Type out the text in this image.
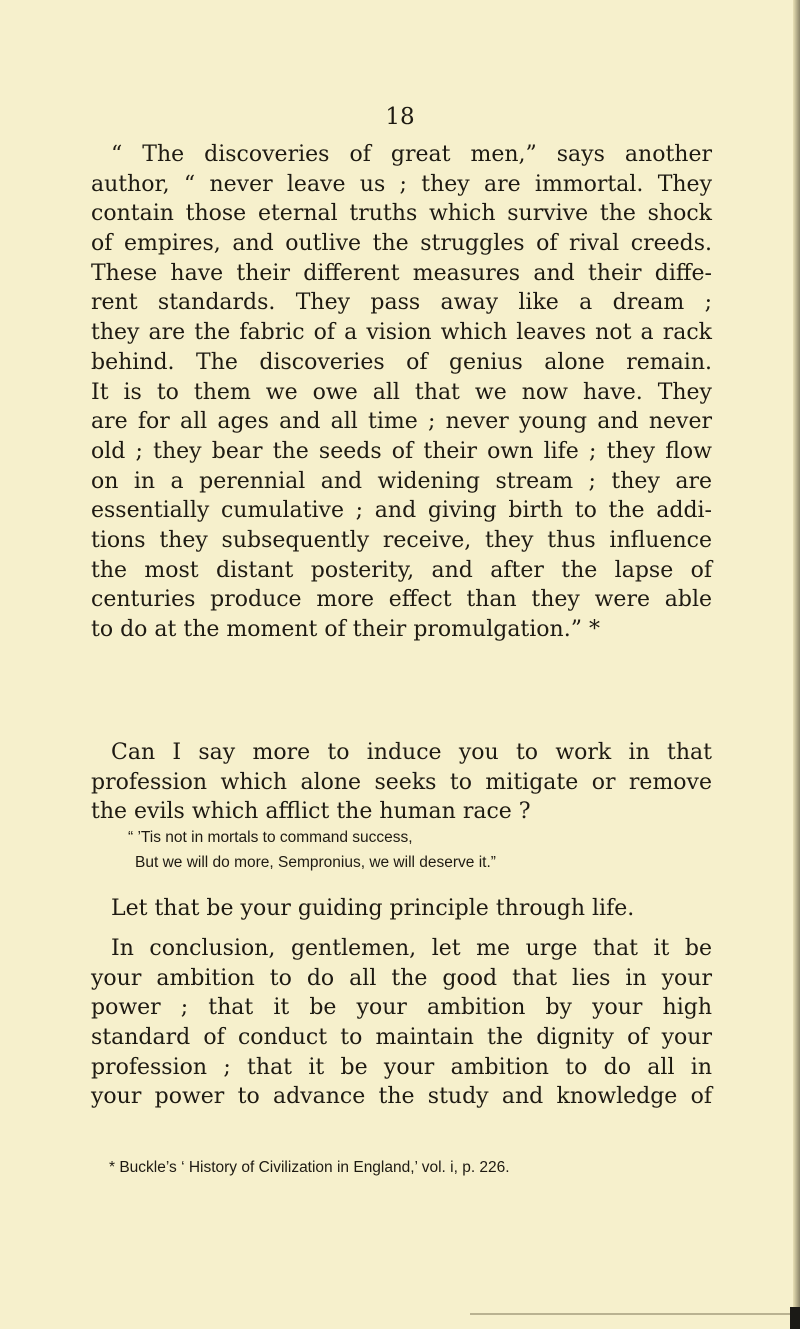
18
“ The discoveries of great men,” says another
author, “ never leave us ; they are immortal. They
contain those eternal truths which survive the shock
of empires, and outlive the struggles of rival creeds.
These have their different measures and their diffe-
rent standards. They pass away like a dream ;
they are the fabric of a vision which leaves not a rack
behind. The discoveries of genius alone remain.
It is to them we owe all that we now have. They
are for all ages and all time ; never young and never
old ; they bear the seeds of their own life ; they flow
on in a perennial and widening stream ; they are
essentially cumulative ; and giving birth to the addi-
tions they subsequently receive, they thus influence
the most distant posterity, and after the lapse of
centuries produce more effect than they were able
to do at the moment of their promulgation.” *
Can I say more to induce you to work in that
profession which alone seeks to mitigate or remove
the evils which afflict the human race ?
“ ’Tis not in mortals to command success,
But we will do more, Sempronius, we will deserve it.”
Let that be your guiding principle through life.
In conclusion, gentlemen, let me urge that it be
your ambition to do all the good that lies in your
power ; that it be your ambition by your high
standard of conduct to maintain the dignity of your
profession ; that it be your ambition to do all in
your power to advance the study and knowledge of
* Buckle’s ‘ History of Civilization in England,’ vol. i, p. 226.
